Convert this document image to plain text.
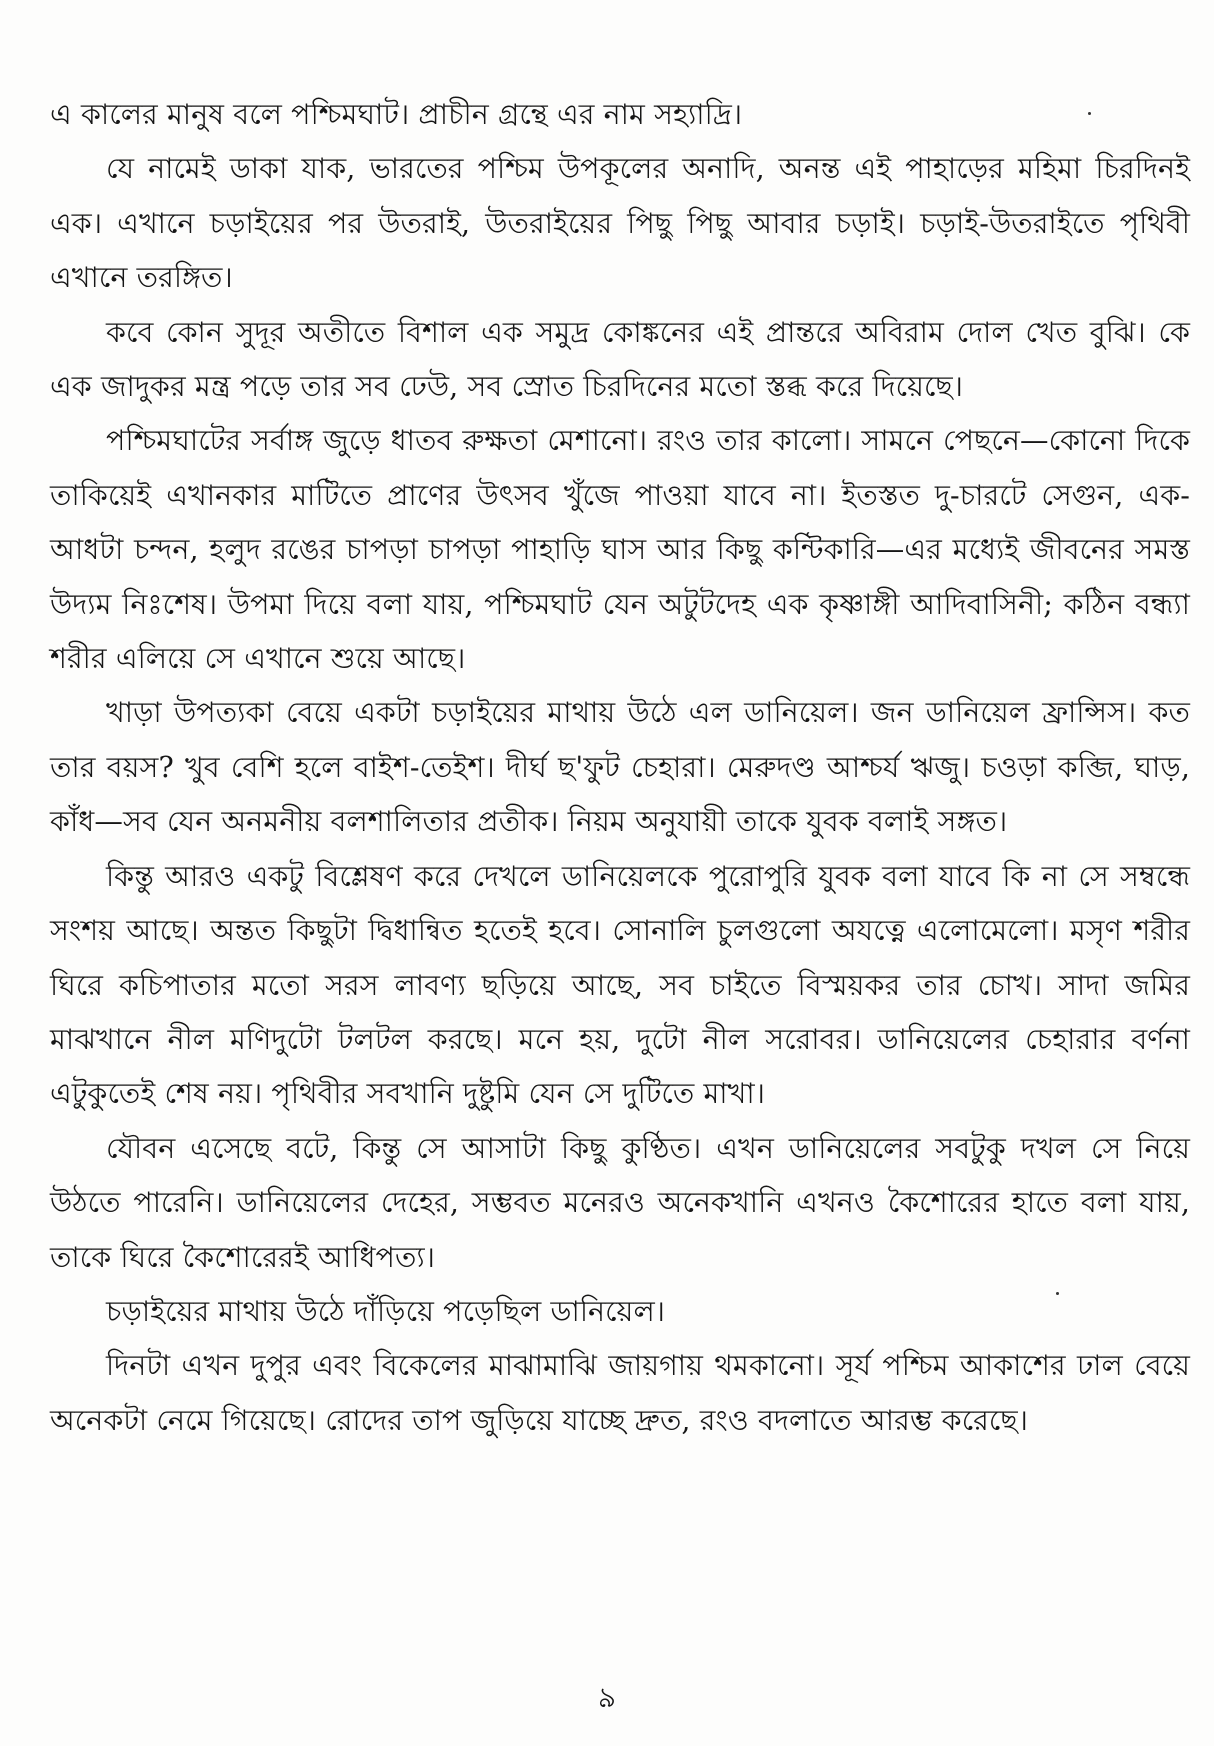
এ কালের মানুষ বলে পশ্চিমঘাট। প্রাচীন গ্রন্থে এর নাম সহ্যাদ্রি।

যে নামেই ডাকা যাক, ভারতের পশ্চিম উপকূলের অনাদি, অনন্ত এই পাহাড়ের মহিমা চিরদিনই এক। এখানে চড়াইয়ের পর উতরাই, উতরাইয়ের পিছু পিছু আবার চড়াই। চড়াই-উতরাইতে পৃথিবী এখানে তরঙ্গিত।

কবে কোন সুদূর অতীতে বিশাল এক সমুদ্র কোঙ্কনের এই প্রান্তরে অবিরাম দোল খেত বুঝি। কে এক জাদুকর মন্ত্র পড়ে তার সব ঢেউ, সব স্রোত চিরদিনের মতো স্তব্ধ করে দিয়েছে।

পশ্চিমঘাটের সর্বাঙ্গ জুড়ে ধাতব রুক্ষতা মেশানো। রংও তার কালো। সামনে পেছনে—কোনো দিকে তাকিয়েই এখানকার মাটিতে প্রাণের উৎসব খুঁজে পাওয়া যাবে না। ইতস্তত দু-চারটে সেগুন, এক-আধটা চন্দন, হলুদ রঙের চাপড়া চাপড়া পাহাড়ি ঘাস আর কিছু কন্টিকারি—এর মধ্যেই জীবনের সমস্ত উদ্যম নিঃশেষ। উপমা দিয়ে বলা যায়, পশ্চিমঘাট যেন অটুটদেহ এক কৃষ্ণাঙ্গী আদিবাসিনী; কঠিন বন্ধ্যা শরীর এলিয়ে সে এখানে শুয়ে আছে।

খাড়া উপত্যকা বেয়ে একটা চড়াইয়ের মাথায় উঠে এল ডানিয়েল। জন ডানিয়েল ফ্রান্সিস। কত তার বয়স? খুব বেশি হলে বাইশ-তেইশ। দীর্ঘ ছ'ফুট চেহারা। মেরুদণ্ড আশ্চর্য ঋজু। চওড়া কব্জি, ঘাড়, কাঁধ—সব যেন অনমনীয় বলশালিতার প্রতীক। নিয়ম অনুযায়ী তাকে যুবক বলাই সঙ্গত।

কিন্তু আরও একটু বিশ্লেষণ করে দেখলে ডানিয়েলকে পুরোপুরি যুবক বলা যাবে কি না সে সম্বন্ধে সংশয় আছে। অন্তত কিছুটা দ্বিধান্বিত হতেই হবে। সোনালি চুলগুলো অযত্নে এলোমেলো। মসৃণ শরীর ঘিরে কচিপাতার মতো সরস লাবণ্য ছড়িয়ে আছে, সব চাইতে বিস্ময়কর তার চোখ। সাদা জমির মাঝখানে নীল মণিদুটো টলটল করছে। মনে হয়, দুটো নীল সরোবর। ডানিয়েলের চেহারার বর্ণনা এটুকুতেই শেষ নয়। পৃথিবীর সবখানি দুষ্টুমি যেন সে দুটিতে মাখা।

যৌবন এসেছে বটে, কিন্তু সে আসাটা কিছু কুণ্ঠিত। এখন ডানিয়েলের সবটুকু দখল সে নিয়ে উঠতে পারেনি। ডানিয়েলের দেহের, সম্ভবত মনেরও অনেকখানি এখনও কৈশোরের হাতে বলা যায়, তাকে ঘিরে কৈশোরেরই আধিপত্য।

চড়াইয়ের মাথায় উঠে দাঁড়িয়ে পড়েছিল ডানিয়েল।

দিনটা এখন দুপুর এবং বিকেলের মাঝামাঝি জায়গায় থমকানো। সূর্য পশ্চিম আকাশের ঢাল বেয়ে অনেকটা নেমে গিয়েছে। রোদের তাপ জুড়িয়ে যাচ্ছে দ্রুত, রংও বদলাতে আরম্ভ করেছে।

৯
